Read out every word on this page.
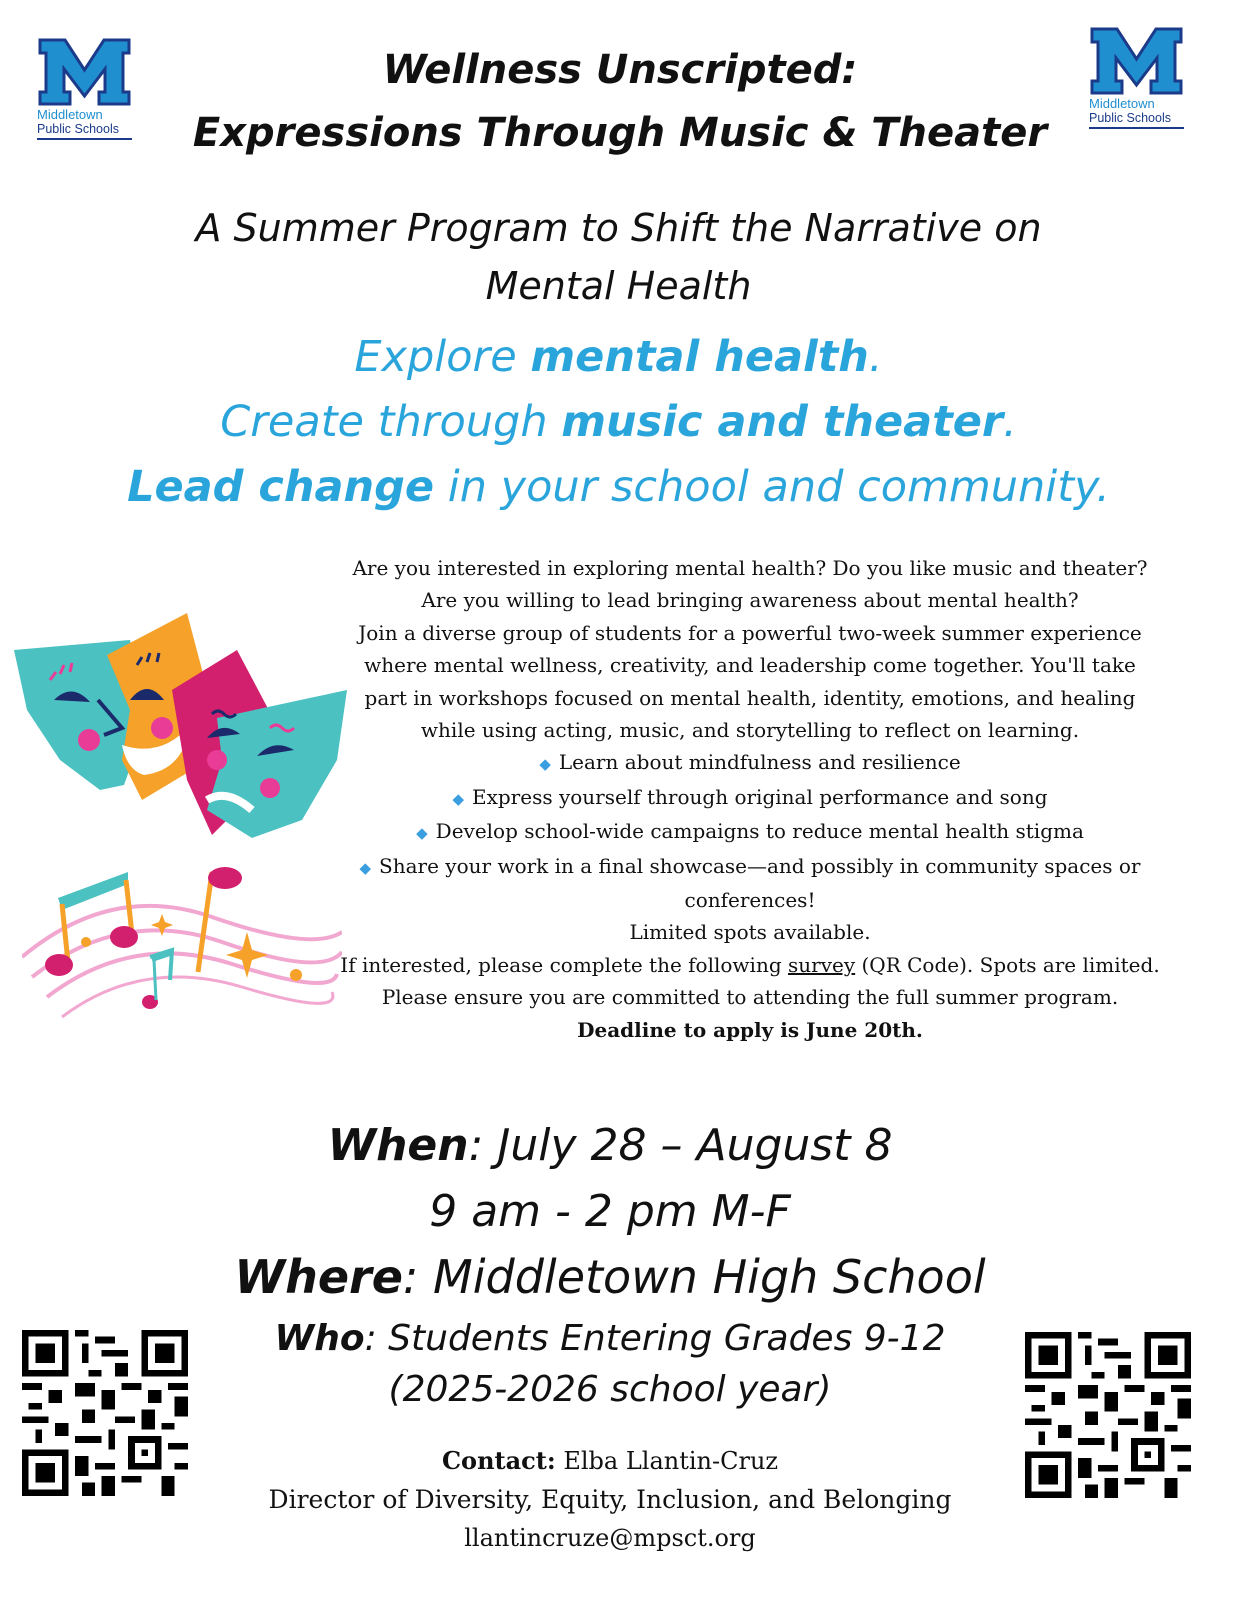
Middletown
Public Schools
Middletown
Public Schools
Wellness Unscripted:
Expressions Through Music & Theater
A Summer Program to Shift the Narrative on
Mental Health
Explore mental health.
Create through music and theater.
Lead change in your school and community.

Are you interested in exploring mental health? Do you like music and theater? Are you willing to lead bringing awareness about mental health?

Join a diverse group of students for a powerful two-week summer experience where mental wellness, creativity, and leadership come together. You'll take part in workshops focused on mental health, identity, emotions, and healing while using acting, music, and storytelling to reflect on learning.

◆ Learn about mindfulness and resilience

◆ Express yourself through original performance and song

◆ Develop school-wide campaigns to reduce mental health stigma

◆ Share your work in a final showcase—and possibly in community spaces or conferences!

Limited spots available.

If interested, please complete the following survey (QR Code). Spots are limited. Please ensure you are committed to attending the full summer program. Deadline to apply is June 20th.

When: July 28 – August 8
9 am - 2 pm M-F
Where: Middletown High School
Who: Students Entering Grades 9-12
(2025-2026 school year)
Contact: Elba Llantin-Cruz
Director of Diversity, Equity, Inclusion, and Belonging
llantincruze@mpsct.org
